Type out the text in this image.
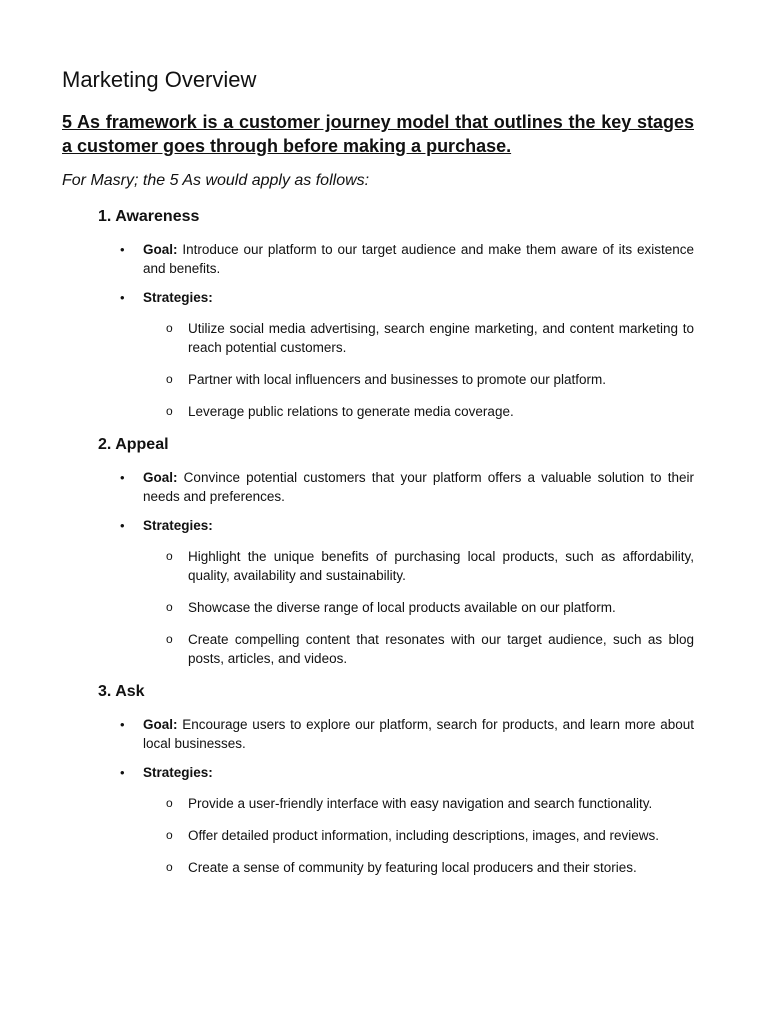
Marketing Overview
5 As framework is a customer journey model that outlines the key stages a customer goes through before making a purchase.

For Masry; the 5 As would apply as follows:

1. Awareness
• Goal: Introduce our platform to our target audience and make them aware of its existence and benefits.
• Strategies:
o Utilize social media advertising, search engine marketing, and content marketing to reach potential customers.
o Partner with local influencers and businesses to promote our platform.
o Leverage public relations to generate media coverage.
2. Appeal
• Goal: Convince potential customers that your platform offers a valuable solution to their needs and preferences.
• Strategies:
o Highlight the unique benefits of purchasing local products, such as affordability, quality, availability and sustainability.
o Showcase the diverse range of local products available on our platform.
o Create compelling content that resonates with our target audience, such as blog posts, articles, and videos.
3. Ask
• Goal: Encourage users to explore our platform, search for products, and learn more about local businesses.
• Strategies:
o Provide a user-friendly interface with easy navigation and search functionality.
o Offer detailed product information, including descriptions, images, and reviews.
o Create a sense of community by featuring local producers and their stories.
